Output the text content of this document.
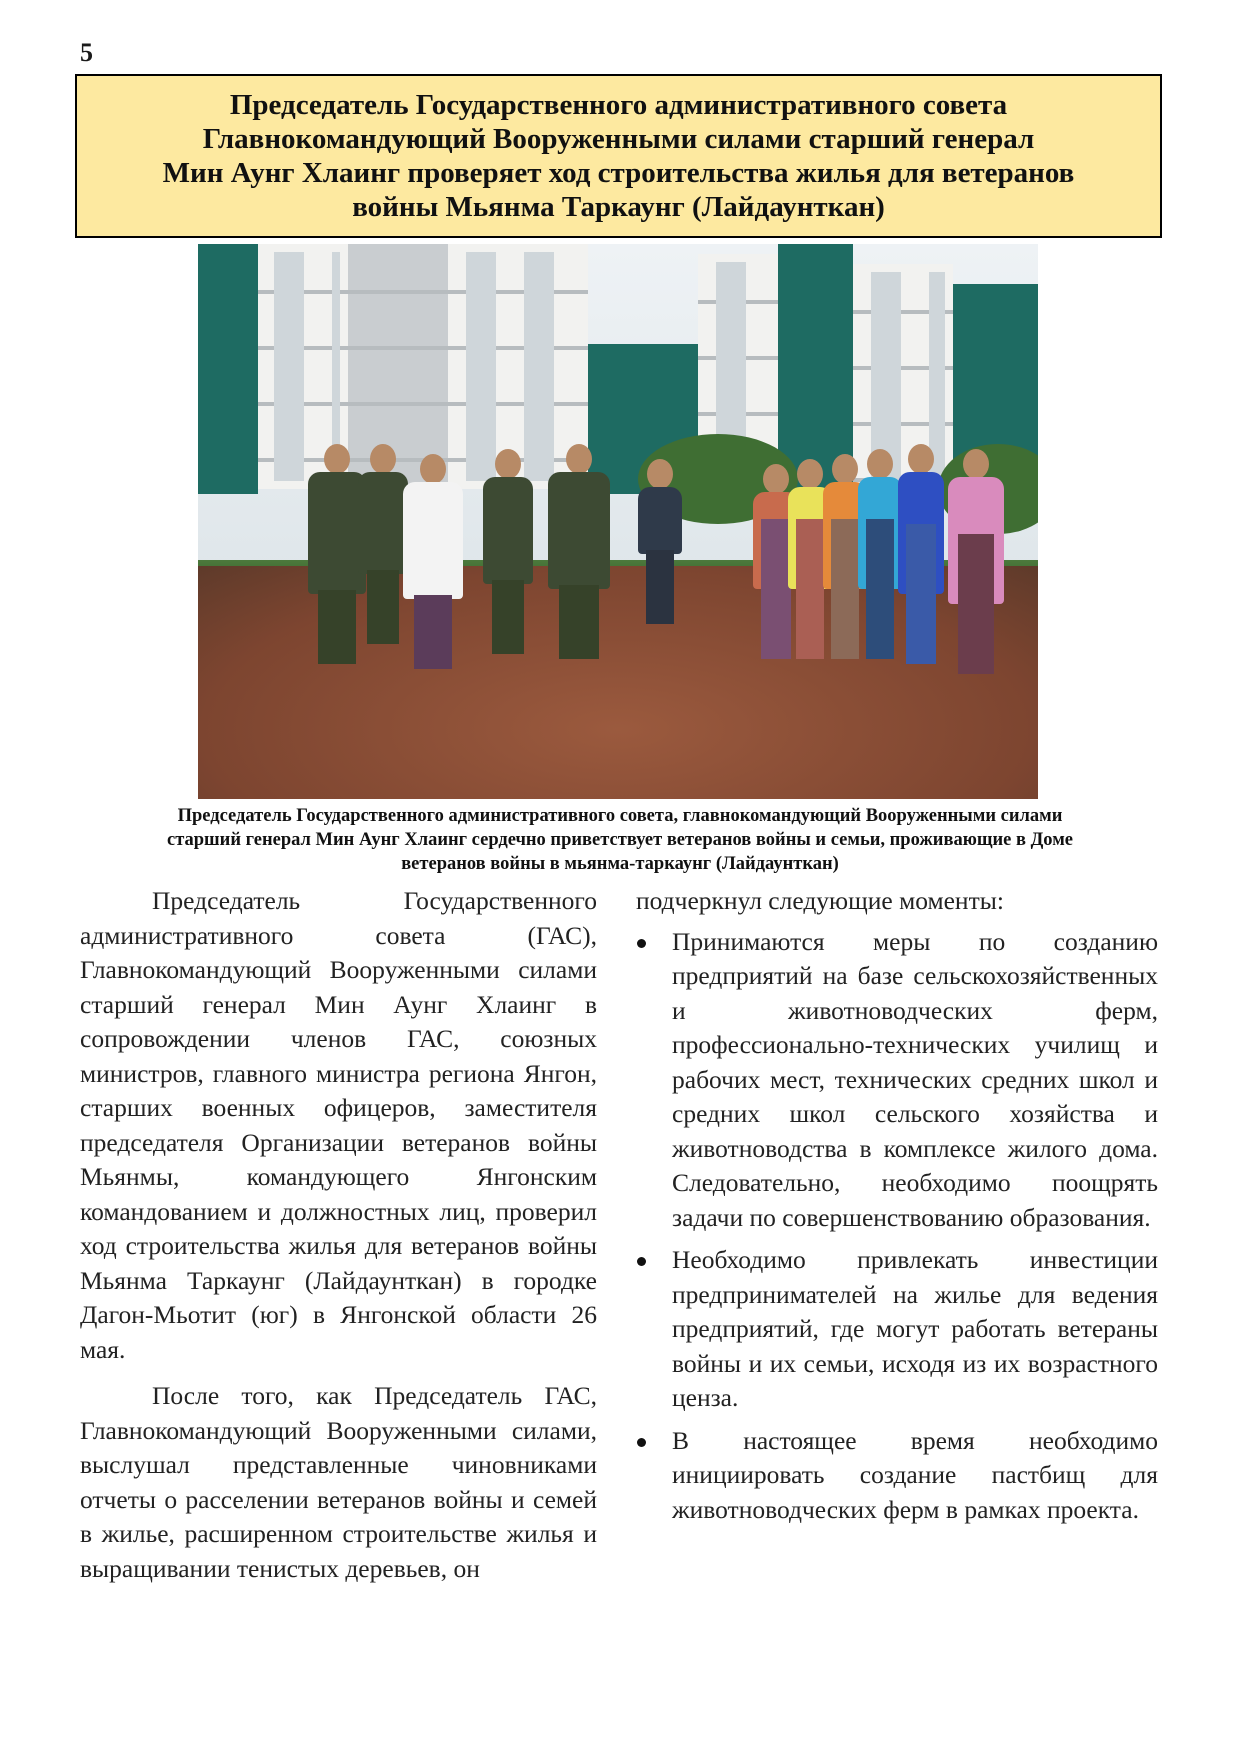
5
Председатель Государственного административного совета
Главнокомандующий Вооруженными силами старший генерал
Мин Аунг Хлаинг проверяет ход строительства жилья для ветеранов
войны Мьянма Таркаунг (Лайдаунткан)
Председатель Государственного административного совета, главнокомандующий Вооруженными силами
старший генерал Мин Аунг Хлаинг сердечно приветствует ветеранов войны и семьи, проживающие в Доме
ветеранов войны в мьянма-таркаунг (Лайдаунткан)

Председатель Государственного административного совета (ГАС), Главнокомандующий Вооруженными силами старший генерал Мин Аунг Хлаинг в сопровождении членов ГАС, союзных министров, главного министра региона Янгон, старших военных офицеров, заместителя председателя Организации ветеранов войны Мьянмы, командующего Янгонским командованием и должностных лиц, проверил ход строительства жилья для ветеранов войны Мьянма Таркаунг (Лайдаунткан) в городке Дагон-Мьотит (юг) в Янгонской области 26 мая.

После того, как Председатель ГАС, Главнокомандующий Вооруженными силами, выслушал представленные чиновниками отчеты о расселении ветеранов войны и семей в жилье, расширенном строительстве жилья и выращивании тенистых деревьев, он

подчеркнул следующие моменты:

Принимаются меры по созданию предприятий на базе сельскохозяйственных и животноводческих ферм, профессионально-технических училищ и рабочих мест, технических средних школ и средних школ сельского хозяйства и животноводства в комплексе жилого дома. Следовательно, необходимо поощрять задачи по совершенствованию образования.
Необходимо привлекать инвестиции предпринимателей на жилье для ведения предприятий, где могут работать ветераны войны и их семьи, исходя из их возрастного ценза.
В настоящее время необходимо инициировать создание пастбищ для животноводческих ферм в рамках проекта.
